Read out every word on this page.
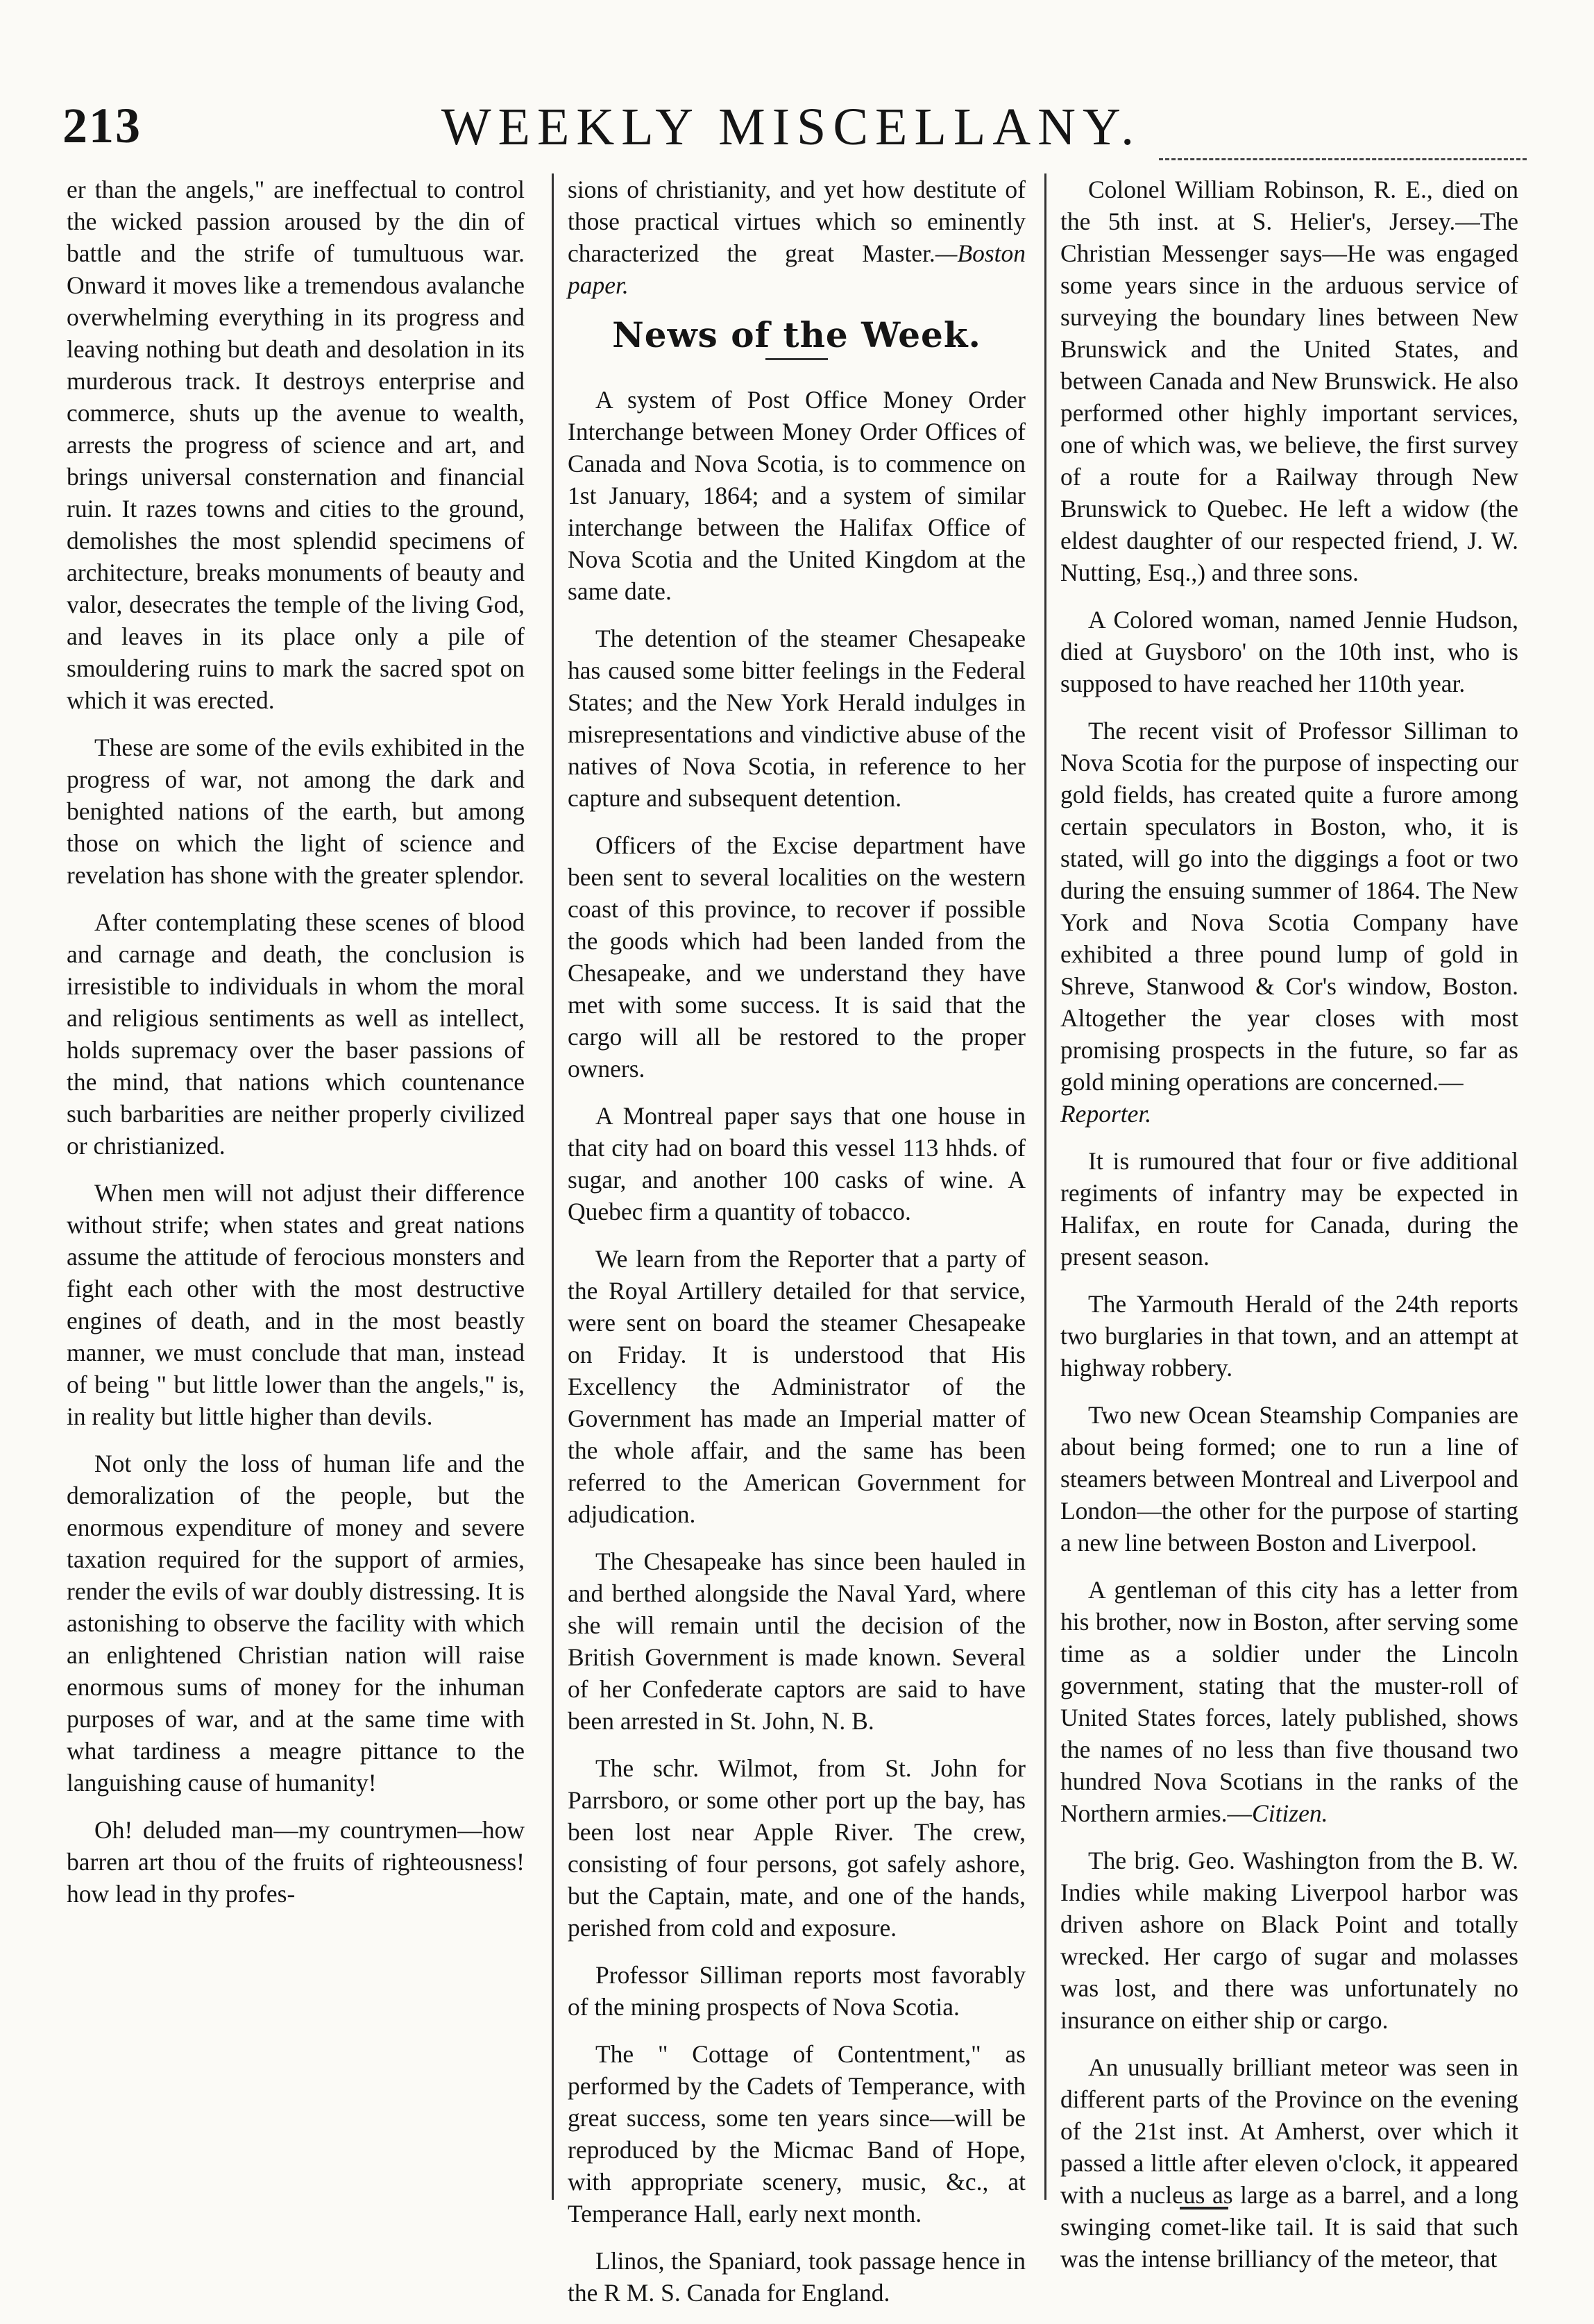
213	WEEKLY MISCELLANY.

er than the angels," are ineffectual to control the wicked passion aroused by the din of battle and the strife of tumultuous war. Onward it moves like a tremendous avalanche overwhelming everything in its progress and leaving nothing but death and desolation in its murderous track. It destroys enterprise and commerce, shuts up the avenue to wealth, arrests the progress of science and art, and brings universal consternation and financial ruin. It razes towns and cities to the ground, demolishes the most splendid specimens of architecture, breaks monuments of beauty and valor, desecrates the temple of the living God, and leaves in its place only a pile of smouldering ruins to mark the sacred spot on which it was erected.

These are some of the evils exhibited in the progress of war, not among the dark and benighted nations of the earth, but among those on which the light of science and revelation has shone with the greater splendor.

After contemplating these scenes of blood and carnage and death, the conclusion is irresistible to individuals in whom the moral and religious sentiments as well as intellect, holds supremacy over the baser passions of the mind, that nations which countenance such barbarities are neither properly civilized or christianized.

When men will not adjust their difference without strife; when states and great nations assume the attitude of ferocious monsters and fight each other with the most destructive engines of death, and in the most beastly manner, we must conclude that man, instead of being " but little lower than the angels," is, in reality but little higher than devils.

Not only the loss of human life and the demoralization of the people, but the enormous expenditure of money and severe taxation required for the support of armies, render the evils of war doubly distressing. It is astonishing to observe the facility with which an enlightened Christian nation will raise enormous sums of money for the inhuman purposes of war, and at the same time with what tardiness a meagre pittance to the languishing cause of humanity!

Oh! deluded man—my countrymen—how barren art thou of the fruits of righteousness! how lead in thy profes-

sions of christianity, and yet how destitute of those practical virtues which so eminently characterized the great Master.—Boston paper.

News of the Week.

A system of Post Office Money Order Interchange between Money Order Offices of Canada and Nova Scotia, is to commence on 1st January, 1864; and a system of similar interchange between the Halifax Office of Nova Scotia and the United Kingdom at the same date.

The detention of the steamer Chesapeake has caused some bitter feelings in the Federal States; and the New York Herald indulges in misrepresentations and vindictive abuse of the natives of Nova Scotia, in reference to her capture and subsequent detention.

Officers of the Excise department have been sent to several localities on the western coast of this province, to recover if possible the goods which had been landed from the Chesapeake, and we understand they have met with some success. It is said that the cargo will all be restored to the proper owners.

A Montreal paper says that one house in that city had on board this vessel 113 hhds. of sugar, and another 100 casks of wine. A Quebec firm a quantity of tobacco.

We learn from the Reporter that a party of the Royal Artillery detailed for that service, were sent on board the steamer Chesapeake on Friday. It is understood that His Excellency the Administrator of the Government has made an Imperial matter of the whole affair, and the same has been referred to the American Government for adjudication.

The Chesapeake has since been hauled in and berthed alongside the Naval Yard, where she will remain until the decision of the British Government is made known. Several of her Confederate captors are said to have been arrested in St. John, N. B.

The schr. Wilmot, from St. John for Parrsboro, or some other port up the bay, has been lost near Apple River. The crew, consisting of four persons, got safely ashore, but the Captain, mate, and one of the hands, perished from cold and exposure.

Professor Silliman reports most favorably of the mining prospects of Nova Scotia.

The " Cottage of Contentment," as performed by the Cadets of Temperance, with great success, some ten years since—will be reproduced by the Micmac Band of Hope, with appropriate scenery, music, &c., at Temperance Hall, early next month.

Llinos, the Spaniard, took passage hence in the R M. S. Canada for England.

Colonel William Robinson, R. E., died on the 5th inst. at S. Helier's, Jersey.—The Christian Messenger says—He was engaged some years since in the arduous service of surveying the boundary lines between New Brunswick and the United States, and between Canada and New Brunswick. He also performed other highly important services, one of which was, we believe, the first survey of a route for a Railway through New Brunswick to Quebec. He left a widow (the eldest daughter of our respected friend, J. W. Nutting, Esq.,) and three sons.

A Colored woman, named Jennie Hudson, died at Guysboro' on the 10th inst, who is supposed to have reached her 110th year.

The recent visit of Professor Silliman to Nova Scotia for the purpose of inspecting our gold fields, has created quite a furore among certain speculators in Boston, who, it is stated, will go into the diggings a foot or two during the ensuing summer of 1864. The New York and Nova Scotia Company have exhibited a three pound lump of gold in Shreve, Stanwood & Cor's window, Boston. Altogether the year closes with most promising prospects in the future, so far as gold mining operations are concerned.—
Reporter.

It is rumoured that four or five additional regiments of infantry may be expected in Halifax, en route for Canada, during the present season.

The Yarmouth Herald of the 24th reports two burglaries in that town, and an attempt at highway robbery.

Two new Ocean Steamship Companies are about being formed; one to run a line of steamers between Montreal and Liverpool and London—the other for the purpose of starting a new line between Boston and Liverpool.

A gentleman of this city has a letter from his brother, now in Boston, after serving some time as a soldier under the Lincoln government, stating that the muster-roll of United States forces, lately published, shows the names of no less than five thousand two hundred Nova Scotians in the ranks of the Northern armies.—Citizen.

The brig. Geo. Washington from the B. W. Indies while making Liverpool harbor was driven ashore on Black Point and totally wrecked. Her cargo of sugar and molasses was lost, and there was unfortunately no insurance on either ship or cargo.

An unusually brilliant meteor was seen in different parts of the Province on the evening of the 21st inst. At Amherst, over which it passed a little after eleven o'clock, it appeared with a nucleus as large as a barrel, and a long swinging comet-like tail. It is said that such was the intense brilliancy of the meteor, that
